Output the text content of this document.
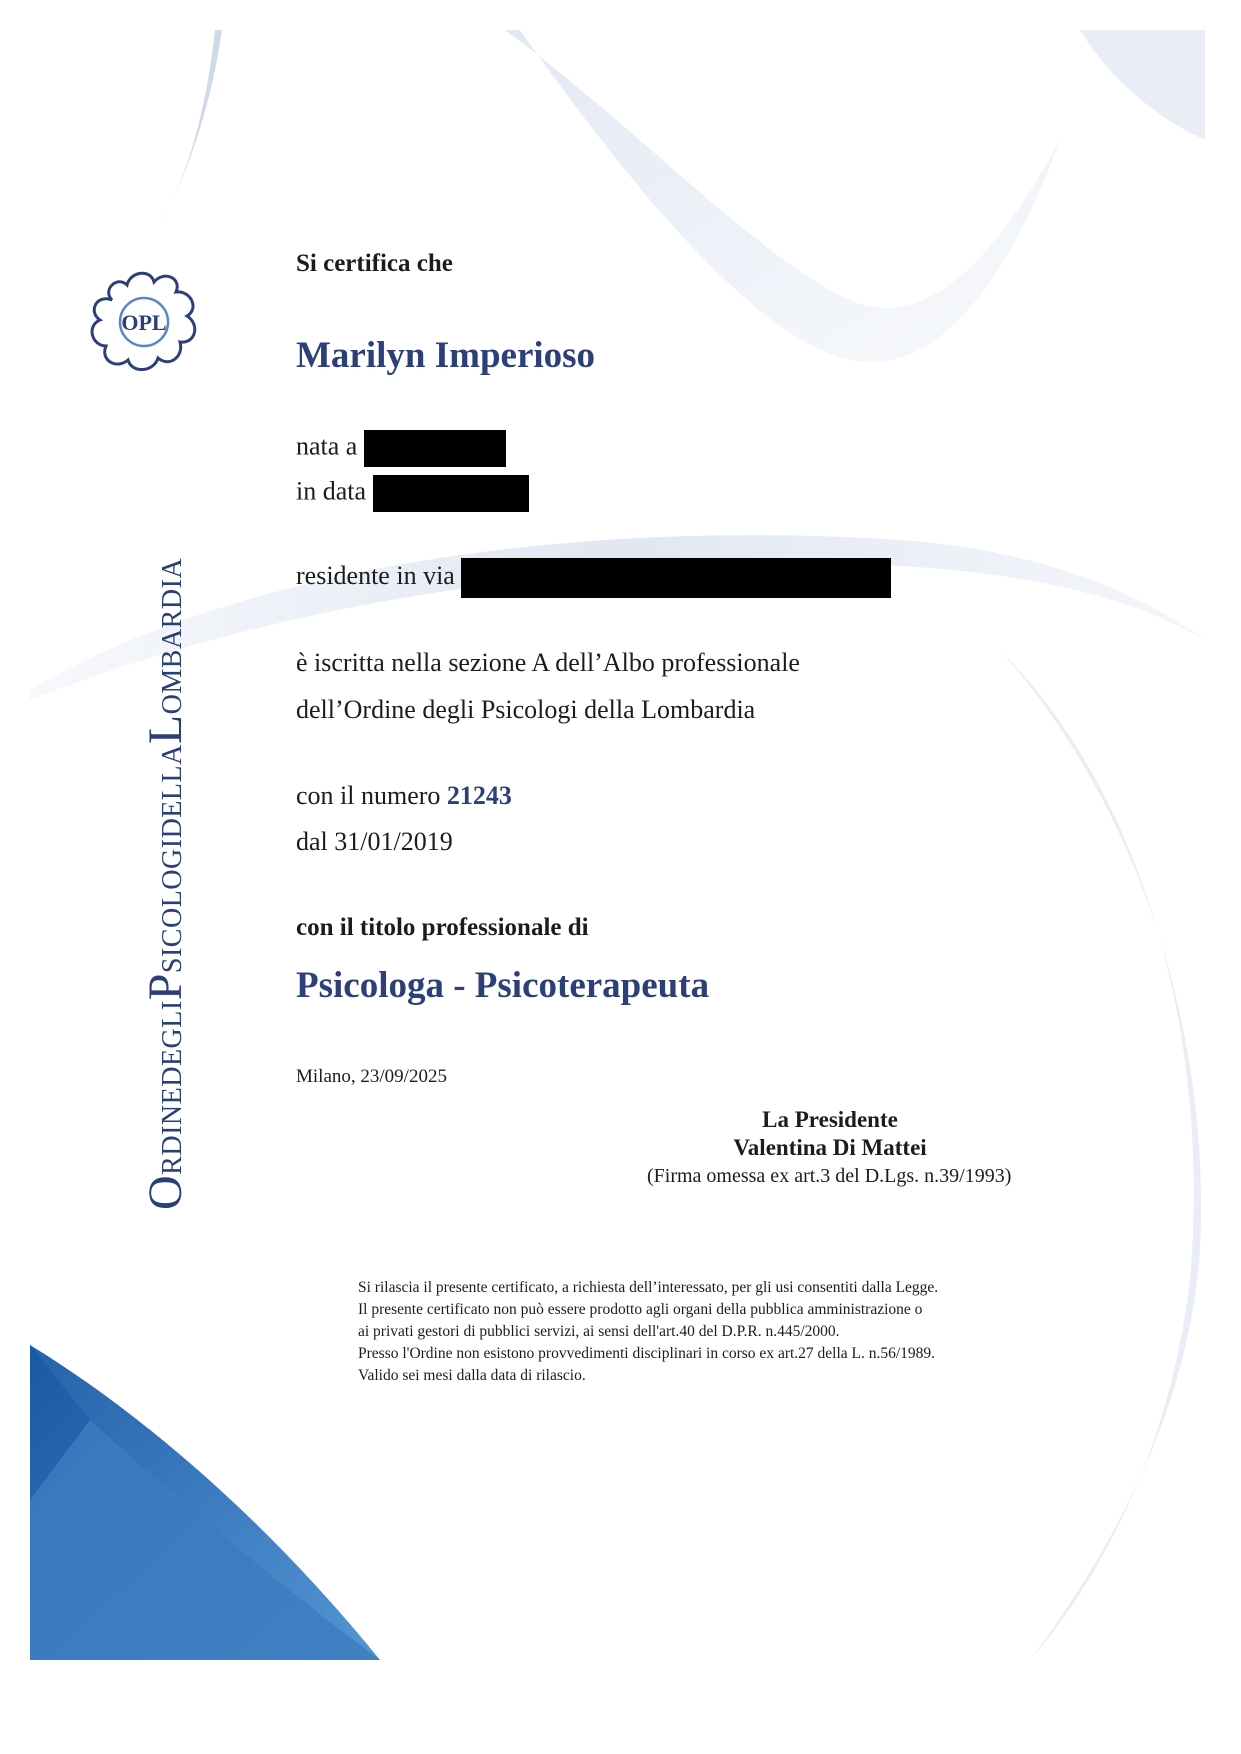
OPL
ORDINEDEGLIPSICOLOGIDELLALOMBARDIA
Si certifica che
Marilyn Imperioso
nata a
in data
residente in via
è iscritta nella sezione A dell’Albo professionale
dell’Ordine degli Psicologi della Lombardia
con il numero 21243
dal 31/01/2019
con il titolo professionale di
Psicologa - Psicoterapeuta
Milano, 23/09/2025
La Presidente
Valentina Di Mattei
(Firma omessa ex art.3 del D.Lgs. n.39/1993)
Si rilascia il presente certificato, a richiesta dell’interessato, per gli usi consentiti dalla Legge.
Il presente certificato non può essere prodotto agli organi della pubblica amministrazione o
ai privati gestori di pubblici servizi, ai sensi dell'art.40 del D.P.R. n.445/2000.
Presso l'Ordine non esistono provvedimenti disciplinari in corso ex art.27 della L. n.56/1989.
Valido sei mesi dalla data di rilascio.
